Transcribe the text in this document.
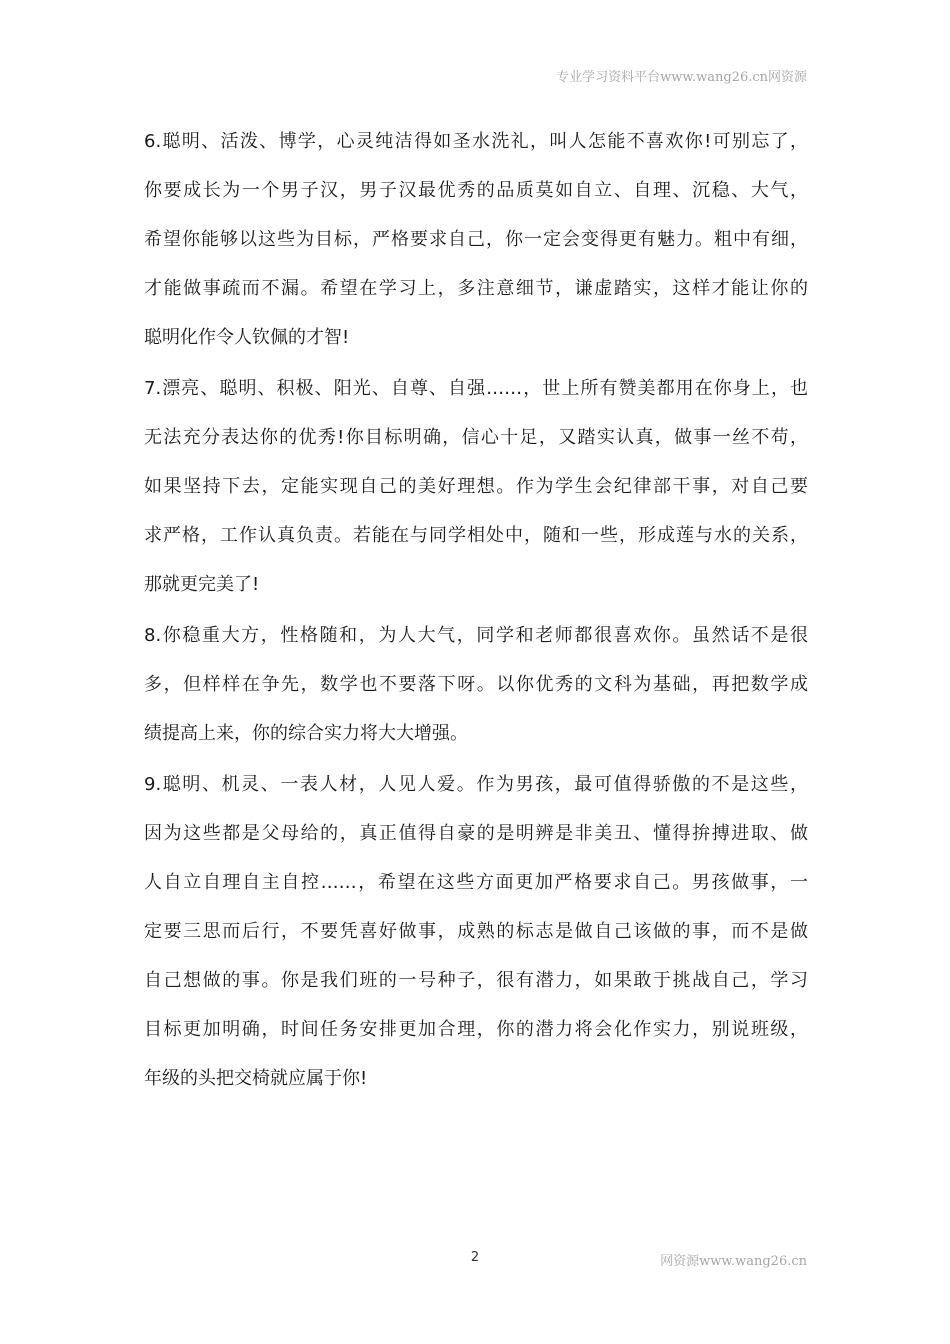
专业学习资料平台www.wang26.cn网资源
6.聪明、活泼、博学，心灵纯洁得如圣水洗礼，叫人怎能不喜欢你!可别忘了，
你要成长为一个男子汉，男子汉最优秀的品质莫如自立、自理、沉稳、大气，
希望你能够以这些为目标，严格要求自己，你一定会变得更有魅力。粗中有细，
才能做事疏而不漏。希望在学习上，多注意细节，谦虚踏实，这样才能让你的
聪明化作令人钦佩的才智!
7.漂亮、聪明、积极、阳光、自尊、自强……，世上所有赞美都用在你身上，也
无法充分表达你的优秀!你目标明确，信心十足，又踏实认真，做事一丝不苟，
如果坚持下去，定能实现自己的美好理想。作为学生会纪律部干事，对自己要
求严格，工作认真负责。若能在与同学相处中，随和一些，形成莲与水的关系，
那就更完美了!
8.你稳重大方，性格随和，为人大气，同学和老师都很喜欢你。虽然话不是很
多，但样样在争先，数学也不要落下呀。以你优秀的文科为基础，再把数学成
绩提高上来，你的综合实力将大大增强。
9.聪明、机灵、一表人材，人见人爱。作为男孩，最可值得骄傲的不是这些，
因为这些都是父母给的，真正值得自豪的是明辨是非美丑、懂得拚搏进取、做
人自立自理自主自控……，希望在这些方面更加严格要求自己。男孩做事，一
定要三思而后行，不要凭喜好做事，成熟的标志是做自己该做的事，而不是做
自己想做的事。你是我们班的一号种子，很有潜力，如果敢于挑战自己，学习
目标更加明确，时间任务安排更加合理，你的潜力将会化作实力，别说班级，
年级的头把交椅就应属于你!
2	网资源www.wang26.cn
